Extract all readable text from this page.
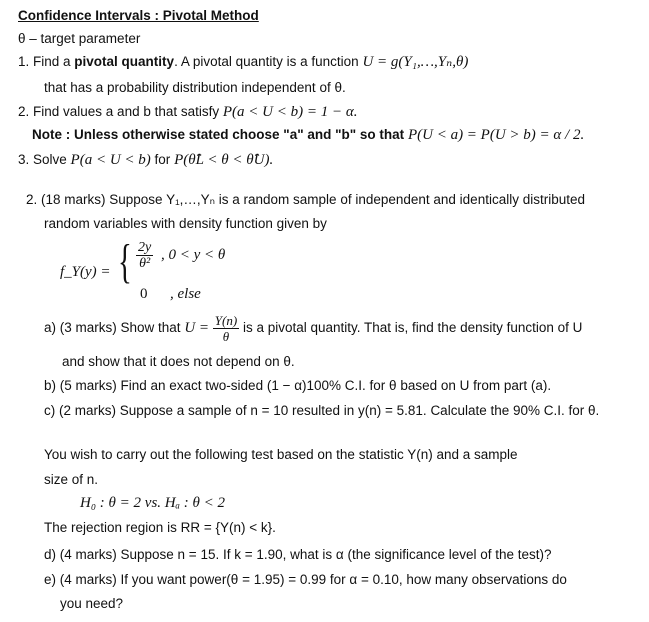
Confidence Intervals : Pivotal Method
θ – target parameter
1. Find a pivotal quantity. A pivotal quantity is a function U = g(Y₁,…,Yₙ,θ)
that has a probability distribution independent of θ.
2. Find values a and b that satisfy P(a < U < b) = 1 − α.
Note : Unless otherwise stated choose "a" and "b" so that P(U < a) = P(U > b) = α / 2.
3. Solve P(a < U < b) for P(θ̂L < θ < θ̂U).
2. (18 marks) Suppose Y₁,…,Yₙ is a random sample of independent and identically distributed
random variables with density function given by
f_Y(y) = { $\frac{2y}{\text{θ²}}$ , 0 < y < θ
0 , else
a) (3 marks) Show that $U = \frac{Y(n)}{\theta}$ is a pivotal quantity. That is, find the density function of U
and show that it does not depend on θ.
b) (5 marks) Find an exact two-sided (1 − α)100% C.I. for θ based on U from part (a).
c) (2 marks) Suppose a sample of n = 10 resulted in y(n) = 5.81. Calculate the 90% C.I. for θ.
You wish to carry out the following test based on the statistic Y(n) and a sample
size of n.
H₀ : θ = 2 vs. Hₐ : θ < 2
The rejection region is RR = {Y(n) < k}.
d) (4 marks) Suppose n = 15. If k = 1.90, what is α (the significance level of the test)?
e) (4 marks) If you want power(θ = 1.95) = 0.99 for α = 0.10, how many observations do
you need?
